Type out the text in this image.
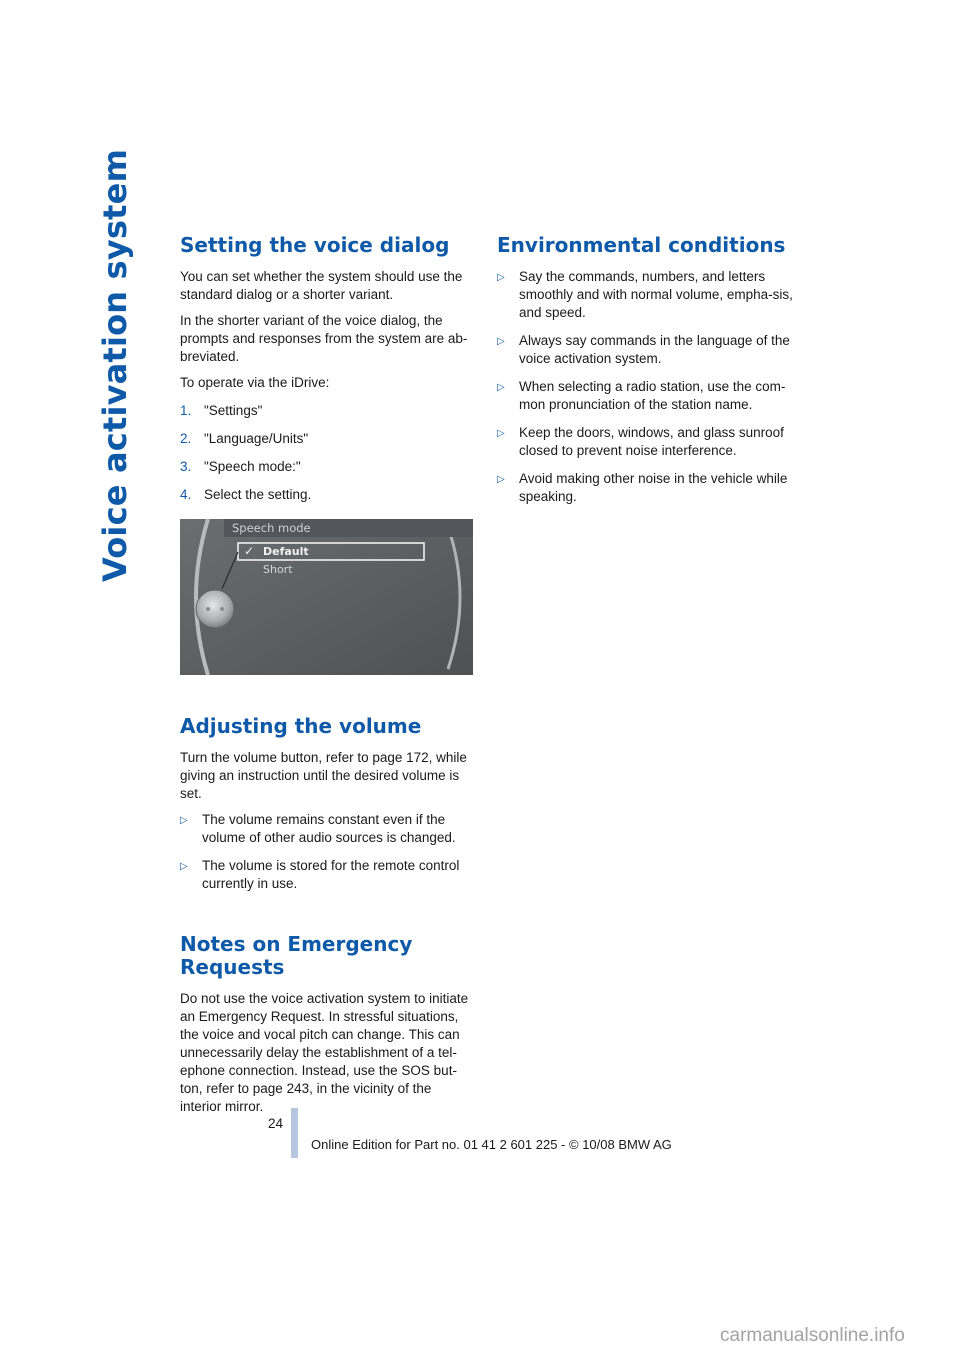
Voice activation system Setting the voice dialog

You can set whether the system should use the standard dialog or a shorter variant.

In the shorter variant of the voice dialog, the prompts and responses from the system are ab-breviated.

To operate via the iDrive:

1. "Settings"
2. "Language/Units"
3. "Speech mode:"
4. Select the setting.
Speech mode
✓ Default
Short
Adjusting the volume

Turn the volume button, refer to page 172, while giving an instruction until the desired volume is set.

▷	The volume remains constant even if the volume of other audio sources is changed.
▷	The volume is stored for the remote control currently in use.
Notes on Emergency
Requests

Do not use the voice activation system to initiate an Emergency Request. In stressful situations, the voice and vocal pitch can change. This can unnecessarily delay the establishment of a tel-ephone connection. Instead, use the SOS but-ton, refer to page 243, in the vicinity of the interior mirror.

Environmental conditions
▷	Say the commands, numbers, and letters smoothly and with normal volume, empha-sis, and speed.
▷	Always say commands in the language of the voice activation system.
▷	When selecting a radio station, use the com-mon pronunciation of the station name.
▷	Keep the doors, windows, and glass sunroof closed to prevent noise interference.
▷	Avoid making other noise in the vehicle while speaking.
24
Online Edition for Part no. 01 41 2 601 225 - © 10/08 BMW AG
carmanualsonline.info
